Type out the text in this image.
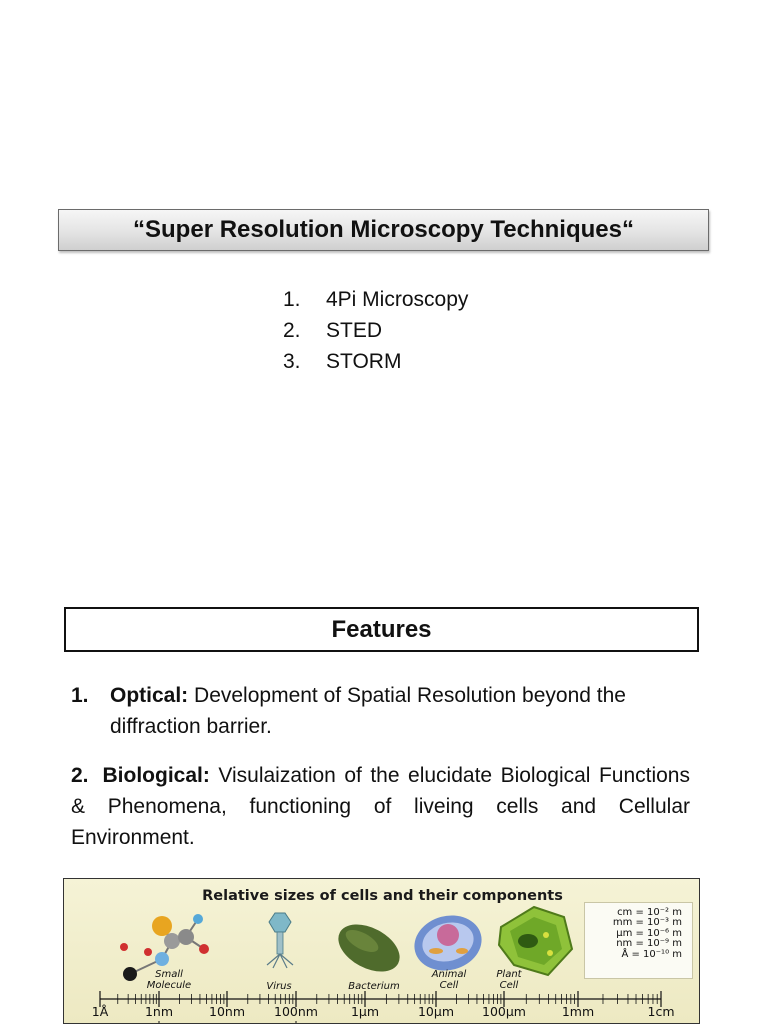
“Super Resolution Microscopy Techniques“
1.	4Pi Microscopy
2.	STED
3.	STORM
Features
1. Optical: Development of Spatial Resolution beyond the
diffraction barrier.
2. Biological: Visulaization of the elucidate Biological Functions & Phenomena, functioning of liveing cells and Cellular Environment.
Relative sizes of cells and their components
cm
= 10⁻² m
mm
= 10⁻³ m
μm
= 10⁻⁶ m
nm
= 10⁻⁹ m
Å
= 10⁻¹⁰ m
Small
Molecule	Virus	Bacterium
Animal
Cell
Plant
Cell
1Å	1nm	10nm 100nm	1μm	10μm 100μm	1mm	1cm
